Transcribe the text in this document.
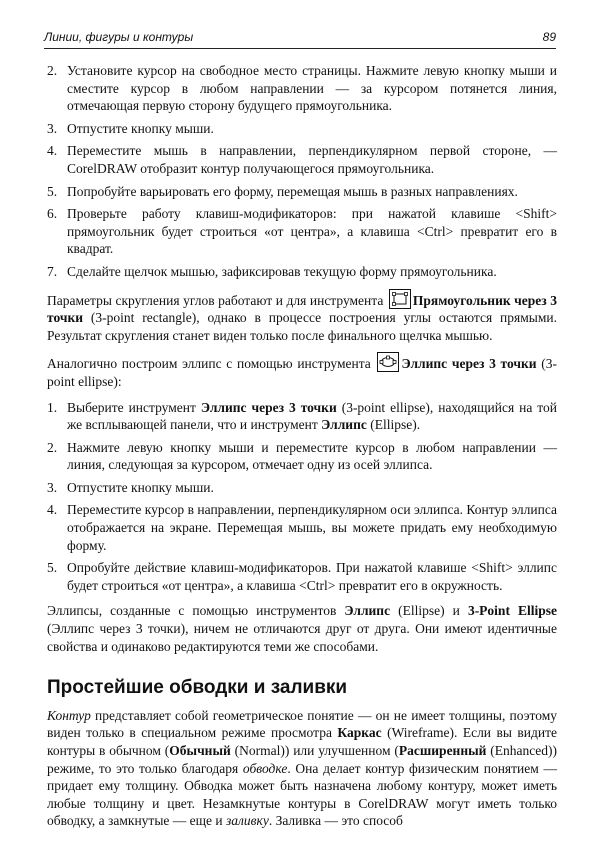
Линии, фигуры и контуры	89
2. Установите курсор на свободное место страницы. Нажмите левую кнопку мыши и сместите курсор в любом направлении — за курсором потянется линия, отмечающая первую сторону будущего прямоугольника.
3. Отпустите кнопку мыши.
4. Переместите мышь в направлении, перпендикулярном первой стороне, — CorelDRAW отобразит контур получающегося прямоугольника.
5. Попробуйте варьировать его форму, перемещая мышь в разных направлениях.
6. Проверьте работу клавиш-модификаторов: при нажатой клавише <Shift> прямоугольник будет строиться «от центра», а клавиша <Ctrl> превратит его в квадрат.
7. Сделайте щелчок мышью, зафиксировав текущую форму прямоугольника.

Параметры скругления углов работают и для инструмента
Прямоугольник через 3 точки (3-point rectangle), однако в процессе построения углы остаются прямыми. Результат скругления станет виден только после финального щелчка мышью.

Аналогично построим эллипс с помощью инструмента
Эллипс через 3 точки (3-point ellipse):

1. Выберите инструмент Эллипс через 3 точки (3-point ellipse), находящийся на той же всплывающей панели, что и инструмент Эллипс (Ellipse).
2. Нажмите левую кнопку мыши и переместите курсор в любом направлении — линия, следующая за курсором, отмечает одну из осей эллипса.
3. Отпустите кнопку мыши.
4. Переместите курсор в направлении, перпендикулярном оси эллипса. Контур эллипса отображается на экране. Перемещая мышь, вы можете придать ему необходимую форму.
5. Опробуйте действие клавиш-модификаторов. При нажатой клавише <Shift> эллипс будет строиться «от центра», а клавиша <Ctrl> превратит его в окружность.

Эллипсы, созданные с помощью инструментов Эллипс (Ellipse) и 3-Point Ellipse (Эллипс через 3 точки), ничем не отличаются друг от друга. Они имеют идентичные свойства и одинаково редактируются теми же способами.

Простейшие обводки и заливки

Контур представляет собой геометрическое понятие — он не имеет толщины, поэтому виден только в специальном режиме просмотра Каркас (Wireframe). Если вы видите контуры в обычном (Обычный (Normal)) или улучшенном (Расширенный (Enhanced)) режиме, то это только благодаря обводке. Она делает контур физическим понятием — придает ему толщину. Обводка может быть назначена любому контуру, может иметь любые толщину и цвет. Незамкнутые контуры в CorelDRAW могут иметь только обводку, а замкнутые — еще и заливку. Заливка — это способ
